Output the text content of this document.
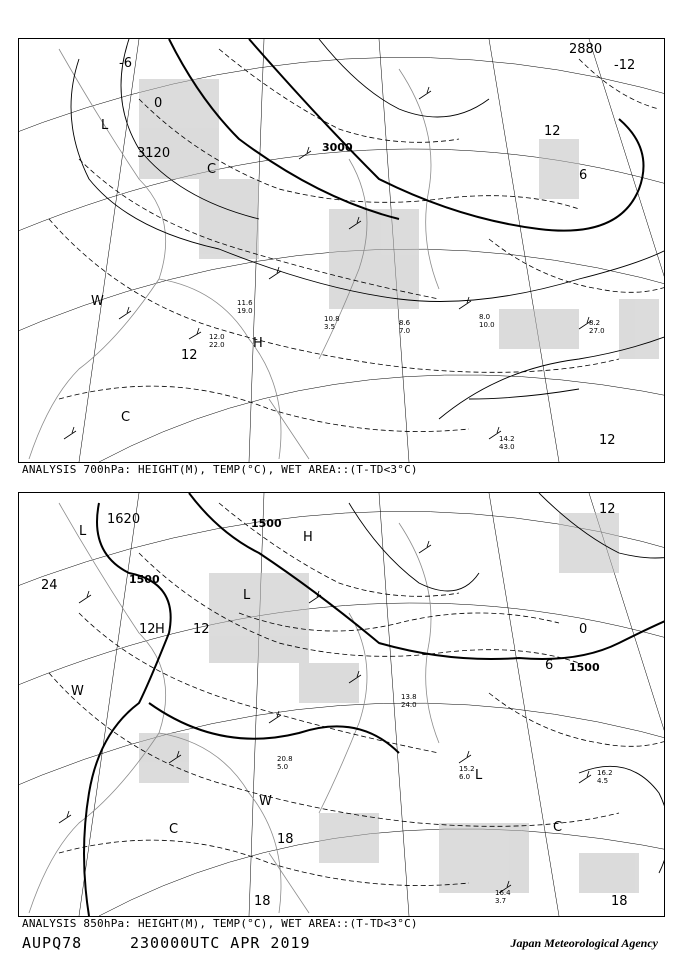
3000
3120
2880
-6
0
6
12
12
12
-12
L
H
C
C
W
14.2
43.0
8.0
10.0	8.2
27.0
8.6
7.0
12.0
22.0
10.8
3.5
11.6
19.0
ANALYSIS 700hPa: HEIGHT(M), TEMP(°C), WET AREA::(T-TD<3°C)
1500
1500
1500
1620
24
12
12
18
18	18
6
0
12
L
H
H
L
W
W
C	C
L	16.2
4.5
15.2
6.0
20.8
5.0
13.8
24.0
16.4
3.7
ANALYSIS 850hPa: HEIGHT(M), TEMP(°C), WET AREA::(T-TD<3°C)
AUPQ78	230000UTC APR 2019	Japan Meteorological Agency
